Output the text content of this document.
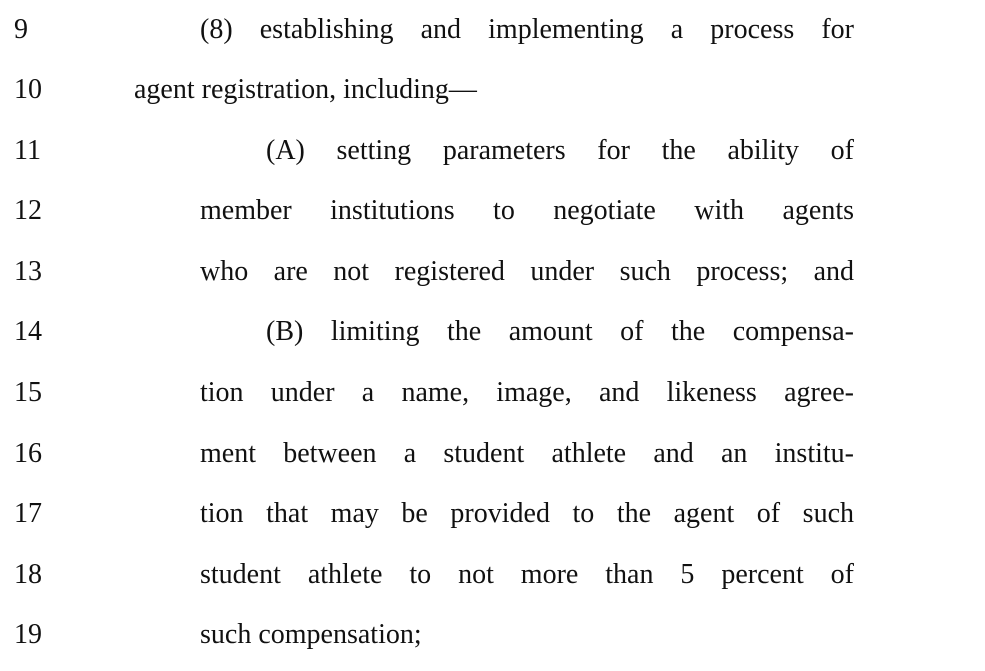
9	(8) establishing and implementing a process for
10	agent registration, including—
11	(A) setting parameters for the ability of
12	member institutions to negotiate with agents
13	who are not registered under such process; and
14	(B) limiting the amount of the compensa-
15	tion under a name, image, and likeness agree-
16	ment between a student athlete and an institu-
17	tion that may be provided to the agent of such
18	student athlete to not more than 5 percent of
19	such compensation;
